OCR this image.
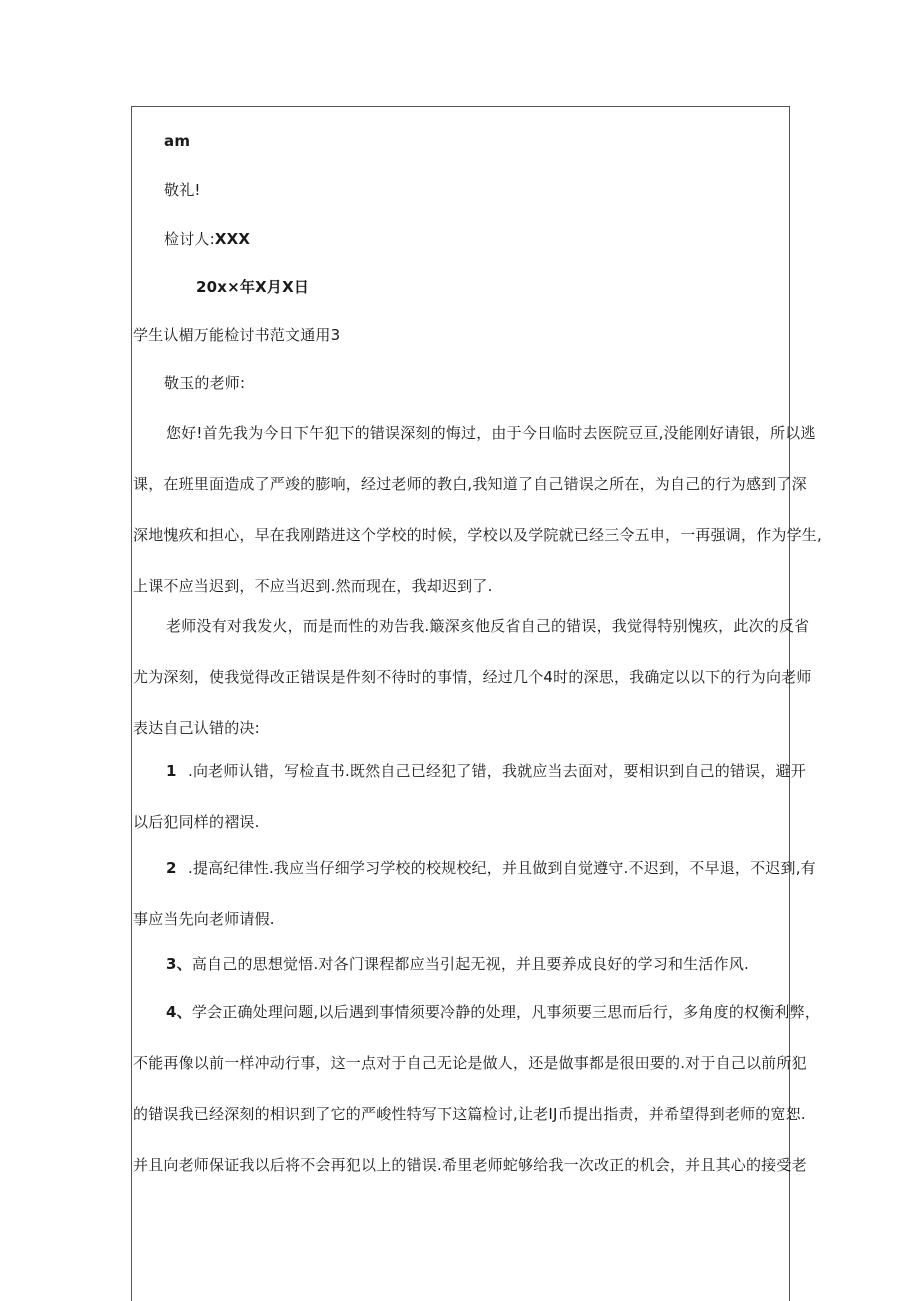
am
敬礼!
检讨人:XXX
20x×年X月X日
学生认楣万能检讨书范文通用3
敬玉的老师:
您好!首先我为今日下午犯下的错误深刻的悔过，由于今日临时去医院豆亘,没能刚好请银，所以逃
课，在班里面造成了严竣的膨响，经过老师的教白,我知道了自己错误之所在，为自己的行为感到了深
深地愧疚和担心，早在我刚踏进这个学校的时候，学校以及学院就已经三令五申，一再强调，作为学生,
上课不应当迟到，不应当迟到.然而现在，我却迟到了.
老师没有对我发火，而是而性的劝告我.簸深亥他反省自己的错误，我觉得特别愧疚，此次的反省
尤为深刻，使我觉得改正错误是件刻不待时的事情，经过几个4时的深思，我确定以以下的行为向老师
表达自己认错的决:
1 .向老师认错，写检直书.既然自己已经犯了错，我就应当去面对，要相识到自己的错误，避开
以后犯同样的褶误.
2 .提高纪律性.我应当仔细学习学校的校规校纪，并且做到自觉遵守.不迟到，不早退，不迟到,有
事应当先向老师请假.
3、高自己的思想觉悟.对各门课程都应当引起无视，并且要养成良好的学习和生活作风.
4、学会正确处理问题,以后遇到事情须要冷静的处理，凡事须要三思而后行，多角度的权衡利弊，
不能再像以前一样冲动行事，这一点对于自己无论是做人，还是做事都是很田要的.对于自己以前所犯
的错误我已经深刻的相识到了它的严峻性特写下这篇检讨,让老IJ币提出指责，并希望得到老师的宽恕.
并且向老师保证我以后将不会再犯以上的错误.希里老师蛇够给我一次改正的机会，并且其心的接受老
